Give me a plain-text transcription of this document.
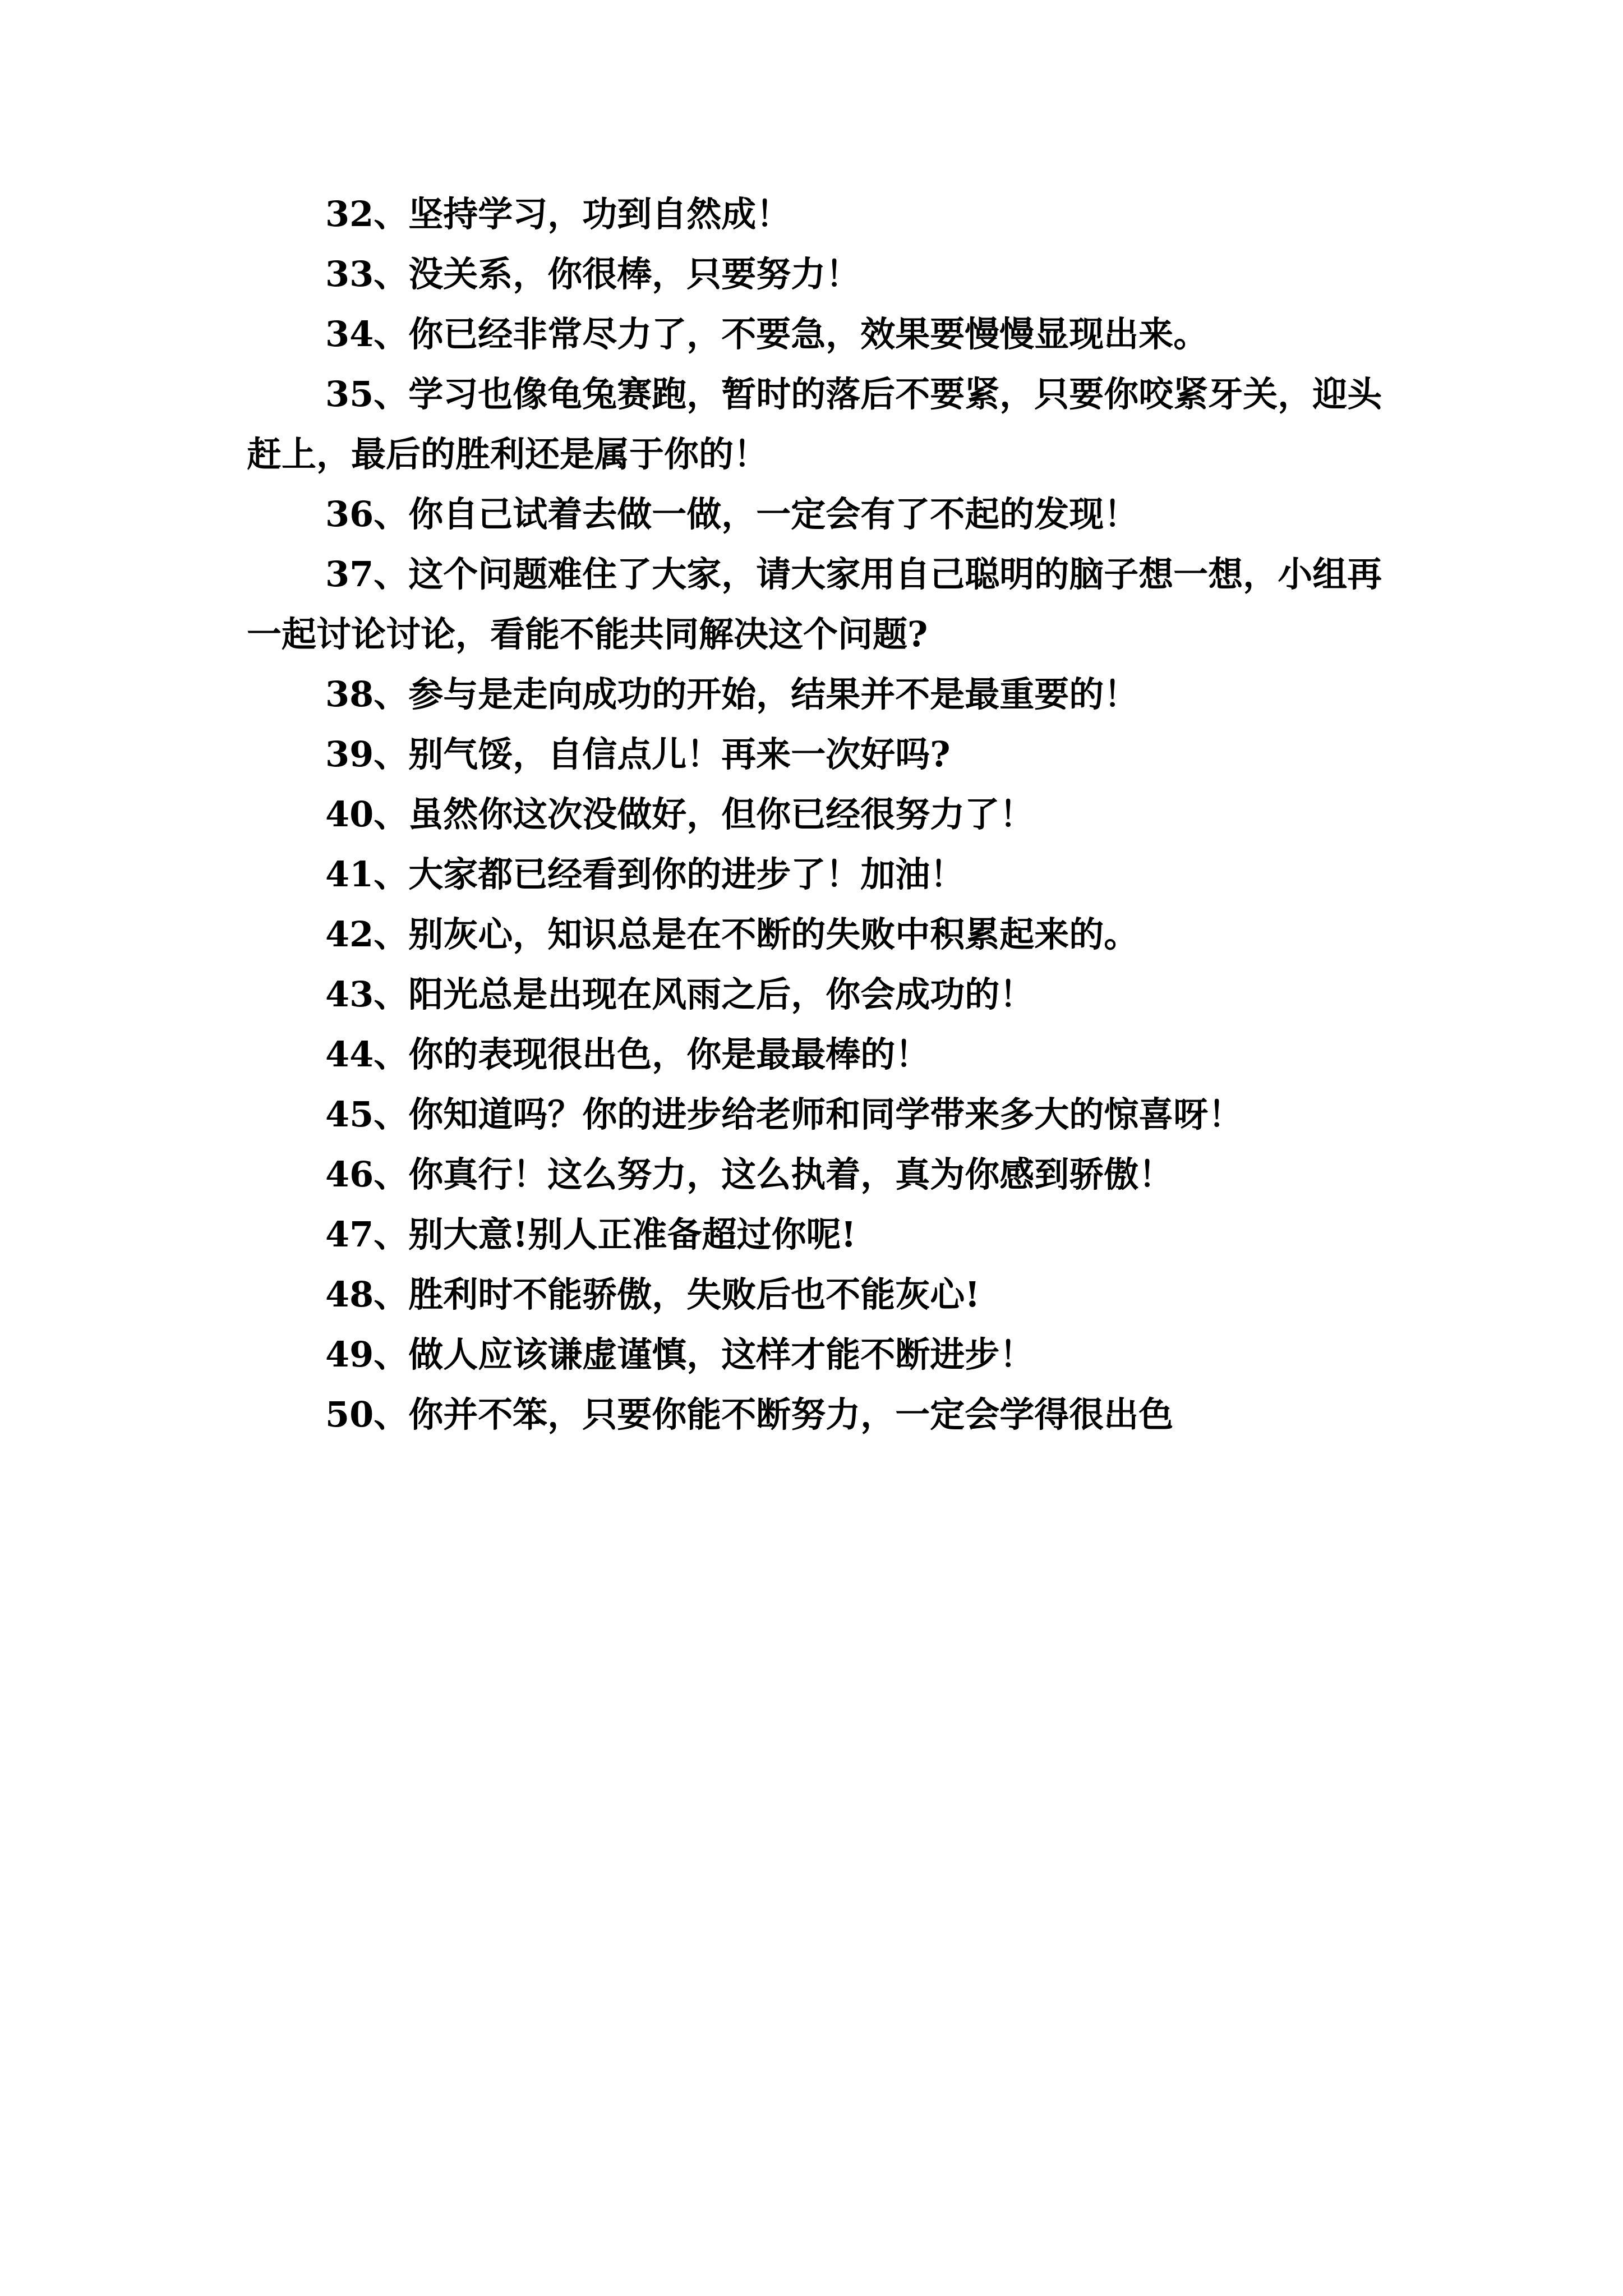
32、坚持学习，功到自然成！

33、没关系，你很棒，只要努力！

34、你已经非常尽力了，不要急，效果要慢慢显现出来。

35、学习也像龟兔赛跑，暂时的落后不要紧，只要你咬紧牙关，迎头赶上，最后的胜利还是属于你的！

36、你自己试着去做一做，一定会有了不起的发现！

37、这个问题难住了大家，请大家用自己聪明的脑子想一想，小组再一起讨论讨论，看能不能共同解决这个问题?

38、参与是走向成功的开始，结果并不是最重要的！

39、别气馁，自信点儿！再来一次好吗?

40、虽然你这次没做好，但你已经很努力了！

41、大家都已经看到你的进步了！加油！

42、别灰心，知识总是在不断的失败中积累起来的。

43、阳光总是出现在风雨之后，你会成功的！

44、你的表现很出色，你是最最棒的！

45、你知道吗？你的进步给老师和同学带来多大的惊喜呀！

46、你真行！这么努力，这么执着，真为你感到骄傲！

47、别大意!别人正准备超过你呢!

48、胜利时不能骄傲，失败后也不能灰心!

49、做人应该谦虚谨慎，这样才能不断进步！

50、你并不笨，只要你能不断努力，一定会学得很出色
